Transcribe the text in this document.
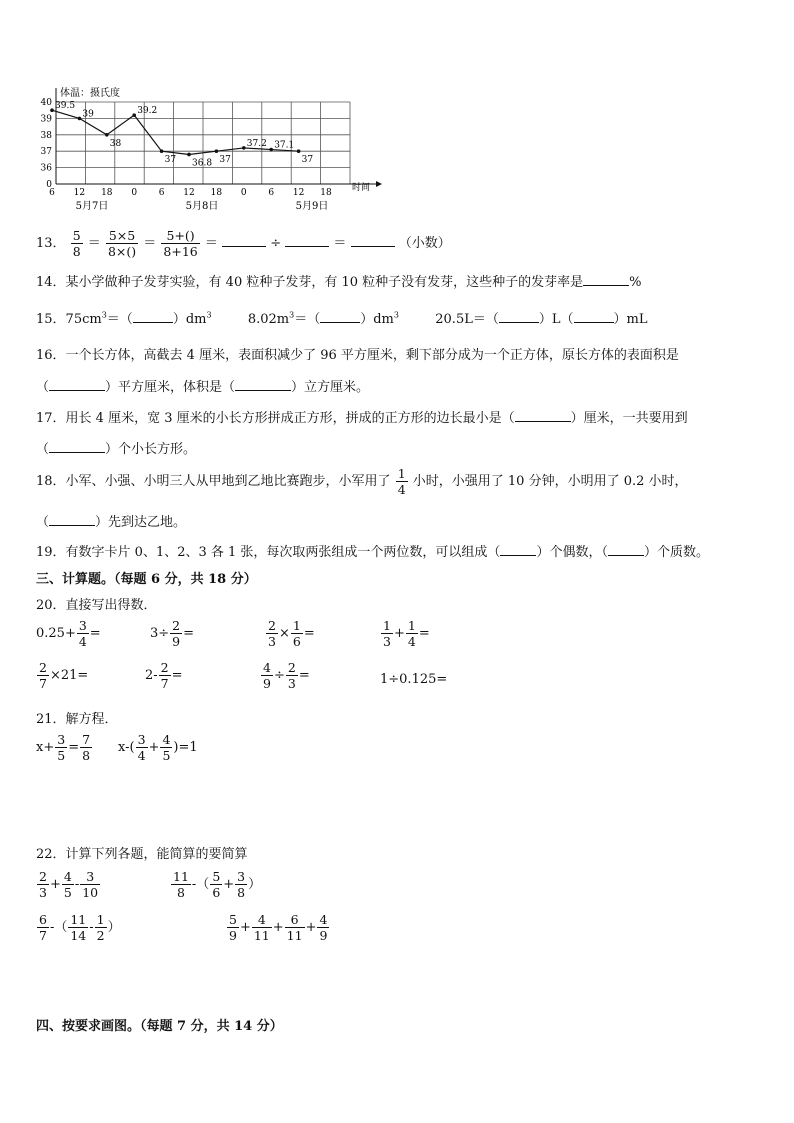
40
39
38
37
36
0
6 12 18 0 6 12 18 0 6 12 18
5月7日	5月8日	5月9日
39.5
39
38
39.2
37 36.8 37
37.2 37.1
37
体温：摄氏度
时间
13． $\frac{5}{8} = \frac{5\times 5}{8\times()} = \frac{5+()}{8+16}$ ＝	÷	＝	（小数）
14．某小学做种子发芽实验，有 40 粒种子发芽，有 10 粒种子没有发芽，这些种子的发芽率是	%
15．$75cm^3=$（	）$dm^3$	$8.02m^3=$（	）$dm^3$	20.5L＝（	）L（	）mL
16．一个长方体，高截去 4 厘米，表面积减少了 96 平方厘米，剩下部分成为一个正方体，原长方体的表面积是
（	）平方厘米，体积是（	）立方厘米。
17．用长 4 厘米，宽 3 厘米的小长方形拼成正方形，拼成的正方形的边长最小是（	）厘米，一共要用到
（	）个小长方形。
18．小军、小强、小明三人从甲地到乙地比赛跑步，小军用了 $\frac{1}{4}$ 小时，小强用了 10 分钟，小明用了 0.2 小时，
（	）先到达乙地。
19．有数字卡片 0、1、2、3 各 1 张，每次取两张组成一个两位数，可以组成（	）个偶数，（	）个质数。
三、计算题。（每题 6 分，共 18 分）
20．直接写出得数．
$0.25+ \frac{3}{4}$ =	$3\div \frac{2}{9}$ =	$\frac{2}{3} \times \frac{1}{6}$ =	$\frac{1}{3} + \frac{1}{4}$ =
$\frac{2}{7} \times 21=$	$2- \frac{2}{7}$ =	$\frac{4}{9} \div \frac{2}{3}$ =	1÷0.125=
21．解方程．
$x+ \frac{3}{5} = \frac{7}{8} x-( \frac{3}{4} + \frac{4}{5} )=1$
22．计算下列各题，能简算的要简算
$\frac{2}{3} + \frac{4}{5} - \frac{3}{10}$	$\frac{11}{8}$ -（ $\frac{5}{6} + \frac{3}{8}$ ）
$\frac{6}{7}$ -（ $\frac{11}{14} - \frac{1}{2}$ ）	$\frac{5}{9} + \frac{4}{11} + \frac{6}{11} + \frac{4}{9}$
四、按要求画图。（每题 7 分，共 14 分）
